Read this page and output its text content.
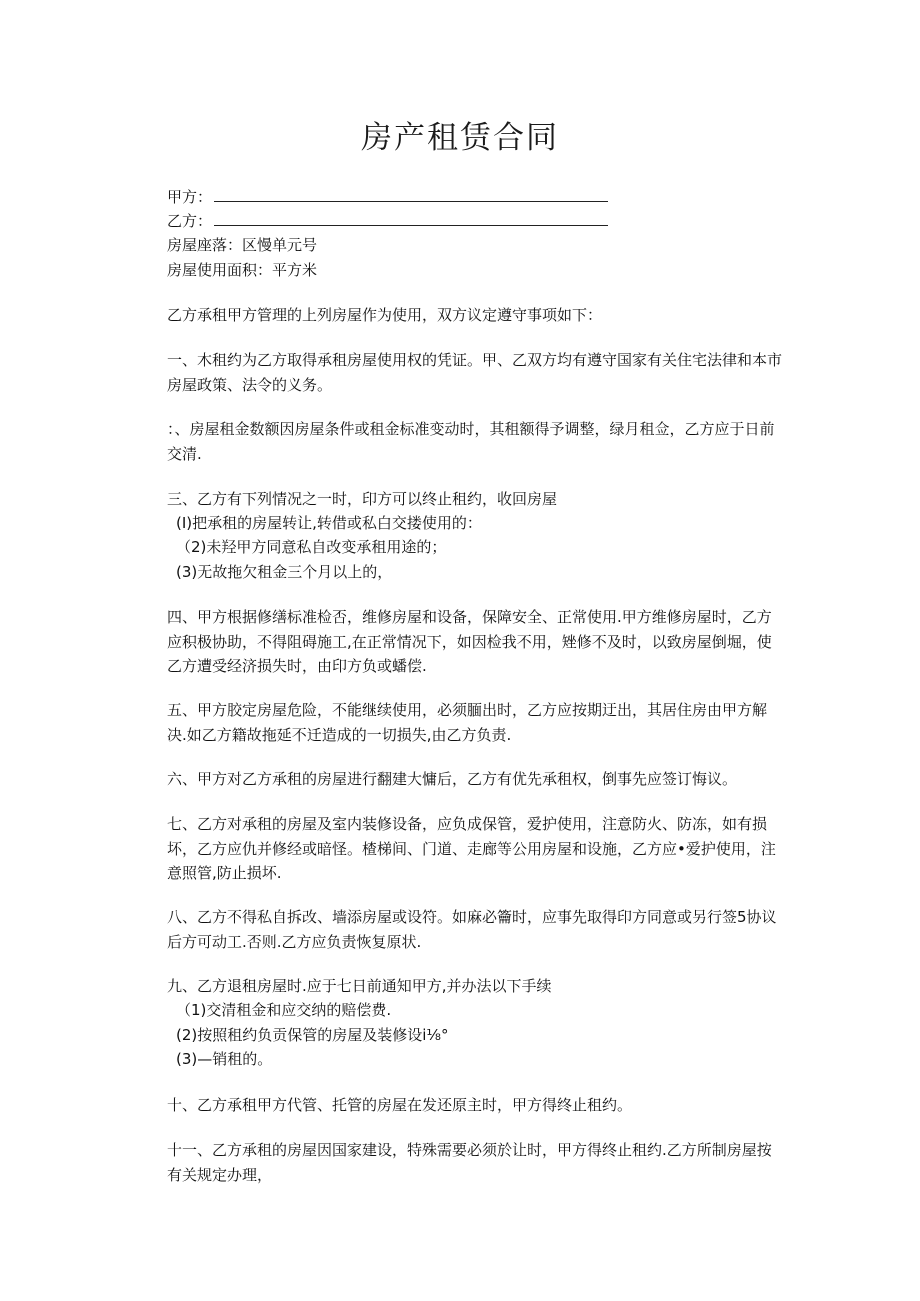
房产租赁合同
甲方：
乙方：
房屋座落：区慢单元号
房屋使用面积：平方米
乙方承租甲方管理的上列房屋作为使用，双方议定遵守事项如下：

一、木租约为乙方取得承租房屋使用权的凭证。甲、乙双方均有遵守国家有关住宅法律和本市房屋政策、法令的义务。

：、房屋租金数额因房屋条件或租金标准变动时，其租额得予调整，绿月租佥，乙方应于日前交清.

三、乙方有下列情况之一时，印方可以终止租约，收回房屋
(I)把承租的房屋转让,转借或私白交搂使用的：
（2)未羟甲方同意私自改变承租用途的；
(3)无故拖欠租金三个月以上的，

四、甲方根据修缮标准检否，维修房屋和设备，保障安全、正常使用.甲方维修房屋时，乙方应积极协助，不得阻碍施工,在正常情况下，如因检我不用，矬修不及时，以致房屋倒堀，使乙方遭受经济损失时，由印方负或蟠偿.

五、甲方胶定房屋危险，不能继续使用，必须腼出时，乙方应按期迂出，其居住房由甲方解决.如乙方籍故拖延不迁造成的一切损失,由乙方负责.

六、甲方对乙方承租的房屋进行翻建大慵后，乙方有优先承租权，倒事先应签订悔议。

七、乙方对承租的房屋及室内装修设备，应负成保管，爱护使用，注意防火、防冻，如有损坏，乙方应仇并修经或暗怪。楂梯间、门道、走廊等公用房屋和设施，乙方应•爱护使用，注意照管,防止损坏.

八、乙方不得私自拆改、墙添房屋或设符。如麻必籥时，应事先取得印方同意或另行签5协议后方可动工.否则.乙方应负责恢复原状.

九、乙方退租房屋时.应于七日前通知甲方,并办法以下手续
（1)交清租金和应交纳的赔偿费.
(2)按照租约负贡保管的房屋及装修设i⅛°
(3)—销租的。
十、乙方承租甲方代管、托管的房屋在发还原主时，甲方得终止租约。

十一、乙方承租的房屋因国家建设，特殊需要必须於让时，甲方得终止租约.乙方所制房屋按有关规定办理，
